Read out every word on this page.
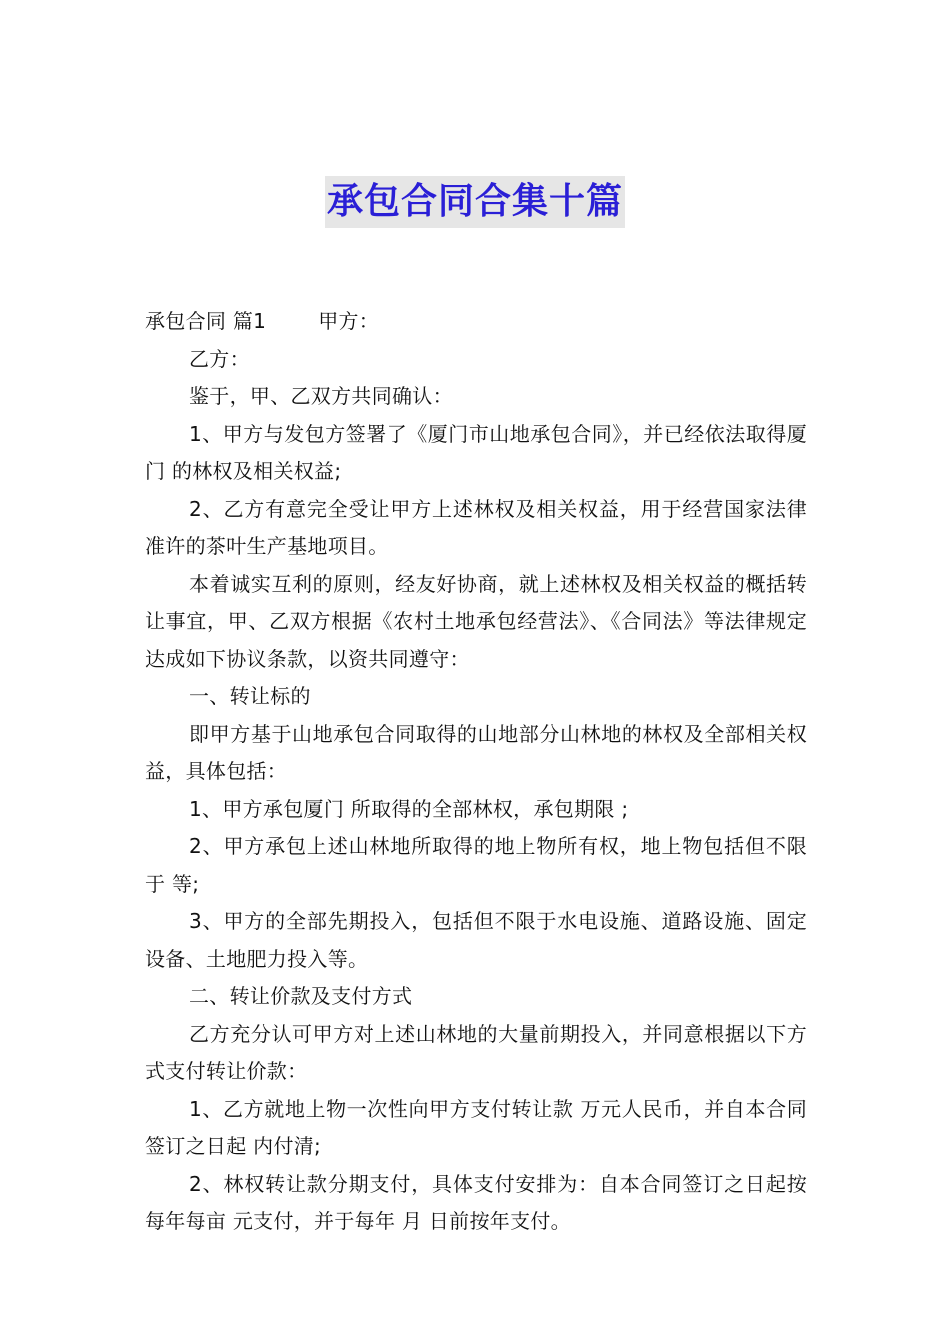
承包合同合集十篇

承包合同 篇1	甲方：

乙方：

鉴于，甲、乙双方共同确认：

1、甲方与发包方签署了《厦门市山地承包合同》，并已经依法取得厦门 的林权及相关权益;

2、乙方有意完全受让甲方上述林权及相关权益，用于经营国家法律准许的茶叶生产基地项目。

本着诚实互利的原则，经友好协商，就上述林权及相关权益的概括转让事宜，甲、乙双方根据《农村土地承包经营法》、《合同法》等法律规定达成如下协议条款，以资共同遵守：

一、转让标的

即甲方基于山地承包合同取得的山地部分山林地的林权及全部相关权益，具体包括：

1、甲方承包厦门 所取得的全部林权，承包期限 ;

2、甲方承包上述山林地所取得的地上物所有权，地上物包括但不限于 等;

3、甲方的全部先期投入，包括但不限于水电设施、道路设施、固定设备、土地肥力投入等。

二、转让价款及支付方式

乙方充分认可甲方对上述山林地的大量前期投入，并同意根据以下方式支付转让价款：

1、乙方就地上物一次性向甲方支付转让款 万元人民币，并自本合同签订之日起 内付清;

2、林权转让款分期支付，具体支付安排为：自本合同签订之日起按每年每亩 元支付，并于每年 月 日前按年支付。
